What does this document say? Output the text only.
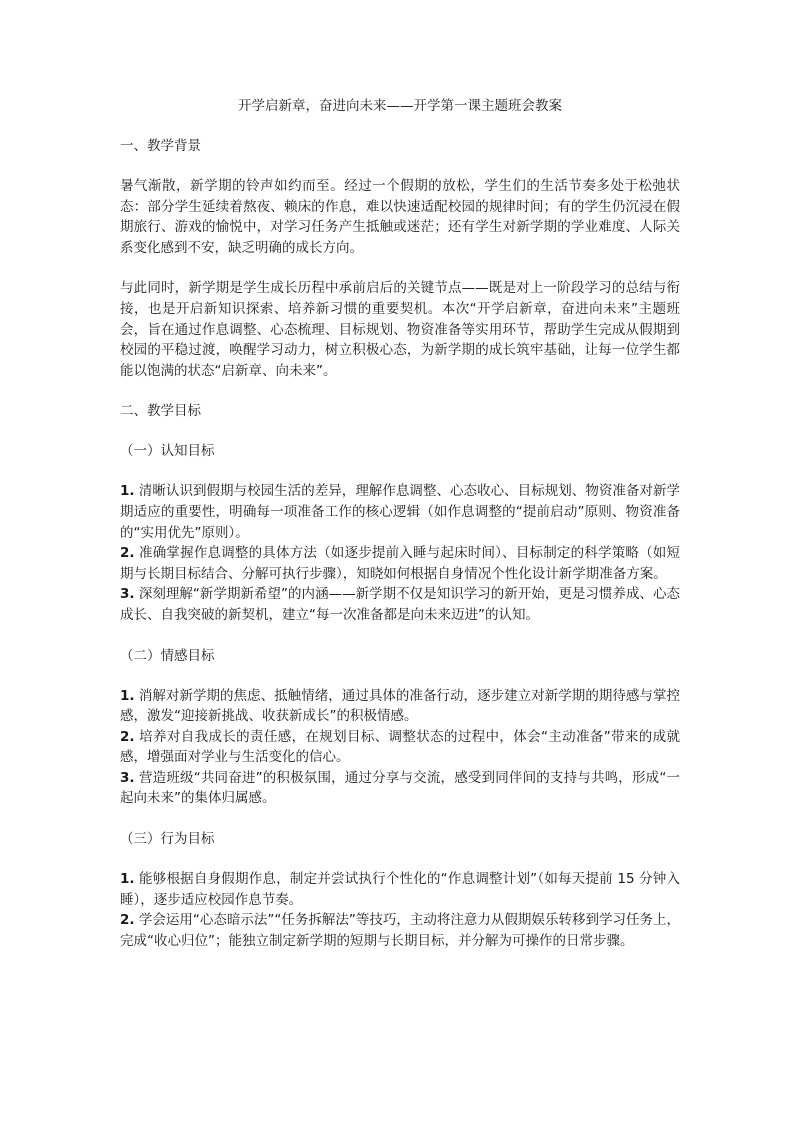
开学启新章，奋进向未来——开学第一课主题班会教案
一、教学背景

暑气渐散，新学期的铃声如约而至。经过一个假期的放松，学生们的生活节奏多处于松弛状态：部分学生延续着熬夜、赖床的作息，难以快速适配校园的规律时间；有的学生仍沉浸在假期旅行、游戏的愉悦中，对学习任务产生抵触或迷茫；还有学生对新学期的学业难度、人际关系变化感到不安，缺乏明确的成长方向。

与此同时，新学期是学生成长历程中承前启后的关键节点——既是对上一阶段学习的总结与衔接，也是开启新知识探索、培养新习惯的重要契机。本次“开学启新章，奋进向未来”主题班会，旨在通过作息调整、心态梳理、目标规划、物资准备等实用环节，帮助学生完成从假期到校园的平稳过渡，唤醒学习动力，树立积极心态，为新学期的成长筑牢基础，让每一位学生都能以饱满的状态“启新章、向未来”。

二、教学目标
（一）认知目标

1. 清晰认识到假期与校园生活的差异，理解作息调整、心态收心、目标规划、物资准备对新学期适应的重要性，明确每一项准备工作的核心逻辑（如作息调整的“提前启动”原则、物资准备的“实用优先”原则）。

2. 准确掌握作息调整的具体方法（如逐步提前入睡与起床时间）、目标制定的科学策略（如短期与长期目标结合、分解可执行步骤），知晓如何根据自身情况个性化设计新学期准备方案。

3. 深刻理解“新学期新希望”的内涵——新学期不仅是知识学习的新开始，更是习惯养成、心态成长、自我突破的新契机，建立“每一次准备都是向未来迈进”的认知。

（二）情感目标

1. 消解对新学期的焦虑、抵触情绪，通过具体的准备行动，逐步建立对新学期的期待感与掌控感，激发“迎接新挑战、收获新成长”的积极情感。

2. 培养对自我成长的责任感，在规划目标、调整状态的过程中，体会“主动准备”带来的成就感，增强面对学业与生活变化的信心。

3. 营造班级“共同奋进”的积极氛围，通过分享与交流，感受到同伴间的支持与共鸣，形成“一起向未来”的集体归属感。

（三）行为目标

1. 能够根据自身假期作息，制定并尝试执行个性化的“作息调整计划”（如每天提前 15 分钟入睡），逐步适应校园作息节奏。

2. 学会运用“心态暗示法”“任务拆解法”等技巧，主动将注意力从假期娱乐转移到学习任务上，完成“收心归位”；能独立制定新学期的短期与长期目标，并分解为可操作的日常步骤。
